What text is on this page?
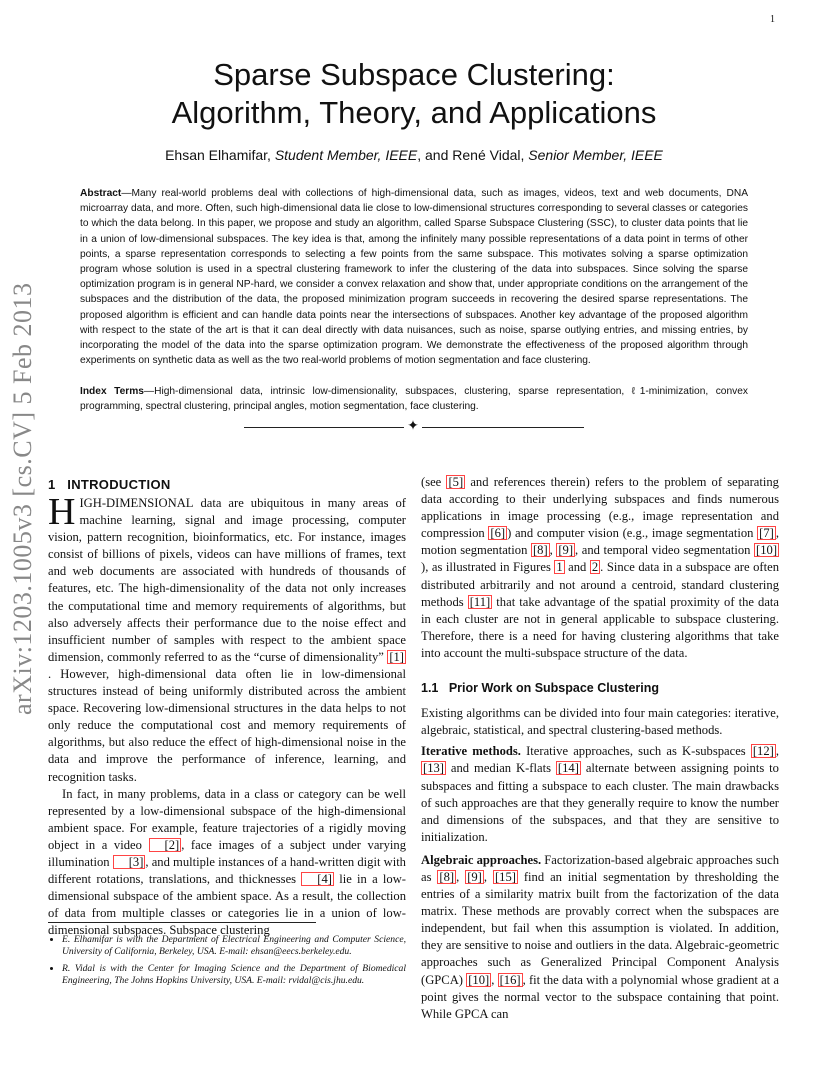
1
arXiv:1203.1005v3 [cs.CV] 5 Feb 2013
Sparse Subspace Clustering:
Algorithm, Theory, and Applications
Ehsan Elhamifar, Student Member, IEEE, and René Vidal, Senior Member, IEEE
Abstract—Many real-world problems deal with collections of high-dimensional data, such as images, videos, text and web documents, DNA microarray data, and more. Often, such high-dimensional data lie close to low-dimensional structures corresponding to several classes or categories to which the data belong. In this paper, we propose and study an algorithm, called Sparse Subspace Clustering (SSC), to cluster data points that lie in a union of low-dimensional subspaces. The key idea is that, among the infinitely many possible representations of a data point in terms of other points, a sparse representation corresponds to selecting a few points from the same subspace. This motivates solving a sparse optimization program whose solution is used in a spectral clustering framework to infer the clustering of the data into subspaces. Since solving the sparse optimization program is in general NP-hard, we consider a convex relaxation and show that, under appropriate conditions on the arrangement of the subspaces and the distribution of the data, the proposed minimization program succeeds in recovering the desired sparse representations. The proposed algorithm is efficient and can handle data points near the intersections of subspaces. Another key advantage of the proposed algorithm with respect to the state of the art is that it can deal directly with data nuisances, such as noise, sparse outlying entries, and missing entries, by incorporating the model of the data into the sparse optimization program. We demonstrate the effectiveness of the proposed algorithm through experiments on synthetic data as well as the two real-world problems of motion segmentation and face clustering.
Index Terms—High-dimensional data, intrinsic low-dimensionality, subspaces, clustering, sparse representation, ℓ1-minimization, convex programming, spectral clustering, principal angles, motion segmentation, face clustering.
✦
1 INTRODUCTION

HIGH-DIMENSIONAL data are ubiquitous in many areas of machine learning, signal and image processing, computer vision, pattern recognition, bioinformatics, etc. For instance, images consist of billions of pixels, videos can have millions of frames, text and web documents are associated with hundreds of thousands of features, etc. The high-dimensionality of the data not only increases the computational time and memory requirements of algorithms, but also adversely affects their performance due to the noise effect and insufficient number of samples with respect to the ambient space dimension, commonly referred to as the “curse of dimensionality” [1]. However, high-dimensional data often lie in low-dimensional structures instead of being uniformly distributed across the ambient space. Recovering low-dimensional structures in the data helps to not only reduce the computational cost and memory requirements of algorithms, but also reduce the effect of high-dimensional noise in the data and improve the performance of inference, learning, and recognition tasks.

In fact, in many problems, data in a class or category can be well represented by a low-dimensional subspace of the high-dimensional ambient space. For example, feature trajectories of a rigidly moving object in a video [2] , face images of a subject under varying illumination [3] , and multiple instances of a hand-written digit with different rotations, translations, and thicknesses [4] lie in a low-dimensional subspace of the ambient space. As a result, the collection of data from multiple classes or categories lie in a union of low-dimensional subspaces. Subspace clustering

• E. Elhamifar is with the Department of Electrical Engineering and Computer Science, University of California, Berkeley, USA. E-mail: ehsan@eecs.berkeley.edu.
• R. Vidal is with the Center for Imaging Science and the Department of Biomedical Engineering, The Johns Hopkins University, USA. E-mail: rvidal@cis.jhu.edu.

(see [5] and references therein) refers to the problem of separating data according to their underlying subspaces and finds numerous applications in image processing (e.g., image representation and compression [6] ) and computer vision (e.g., image segmentation [7] , motion segmentation [8] , [9] , and temporal video segmentation [10]), as illustrated in Figures 1 and 2 . Since data in a subspace are often distributed arbitrarily and not around a centroid, standard clustering methods [11] that take advantage of the spatial proximity of the data in each cluster are not in general applicable to subspace clustering. Therefore, there is a need for having clustering algorithms that take into account the multi-subspace structure of the data.

1.1 Prior Work on Subspace Clustering

Existing algorithms can be divided into four main categories: iterative, algebraic, statistical, and spectral clustering-based methods.

Iterative methods. Iterative approaches, such as K-subspaces [12] , [13] and median K-flats [14] alternate between assigning points to subspaces and fitting a subspace to each cluster. The main drawbacks of such approaches are that they generally require to know the number and dimensions of the subspaces, and that they are sensitive to initialization.

Algebraic approaches. Factorization-based algebraic approaches such as [8] , [9] , [15] find an initial segmentation by thresholding the entries of a similarity matrix built from the factorization of the data matrix. These methods are provably correct when the subspaces are independent, but fail when this assumption is violated. In addition, they are sensitive to noise and outliers in the data. Algebraic-geometric approaches such as Generalized Principal Component Analysis (GPCA) [10] , [16] , fit the data with a polynomial whose gradient at a point gives the normal vector to the subspace containing that point. While GPCA can
